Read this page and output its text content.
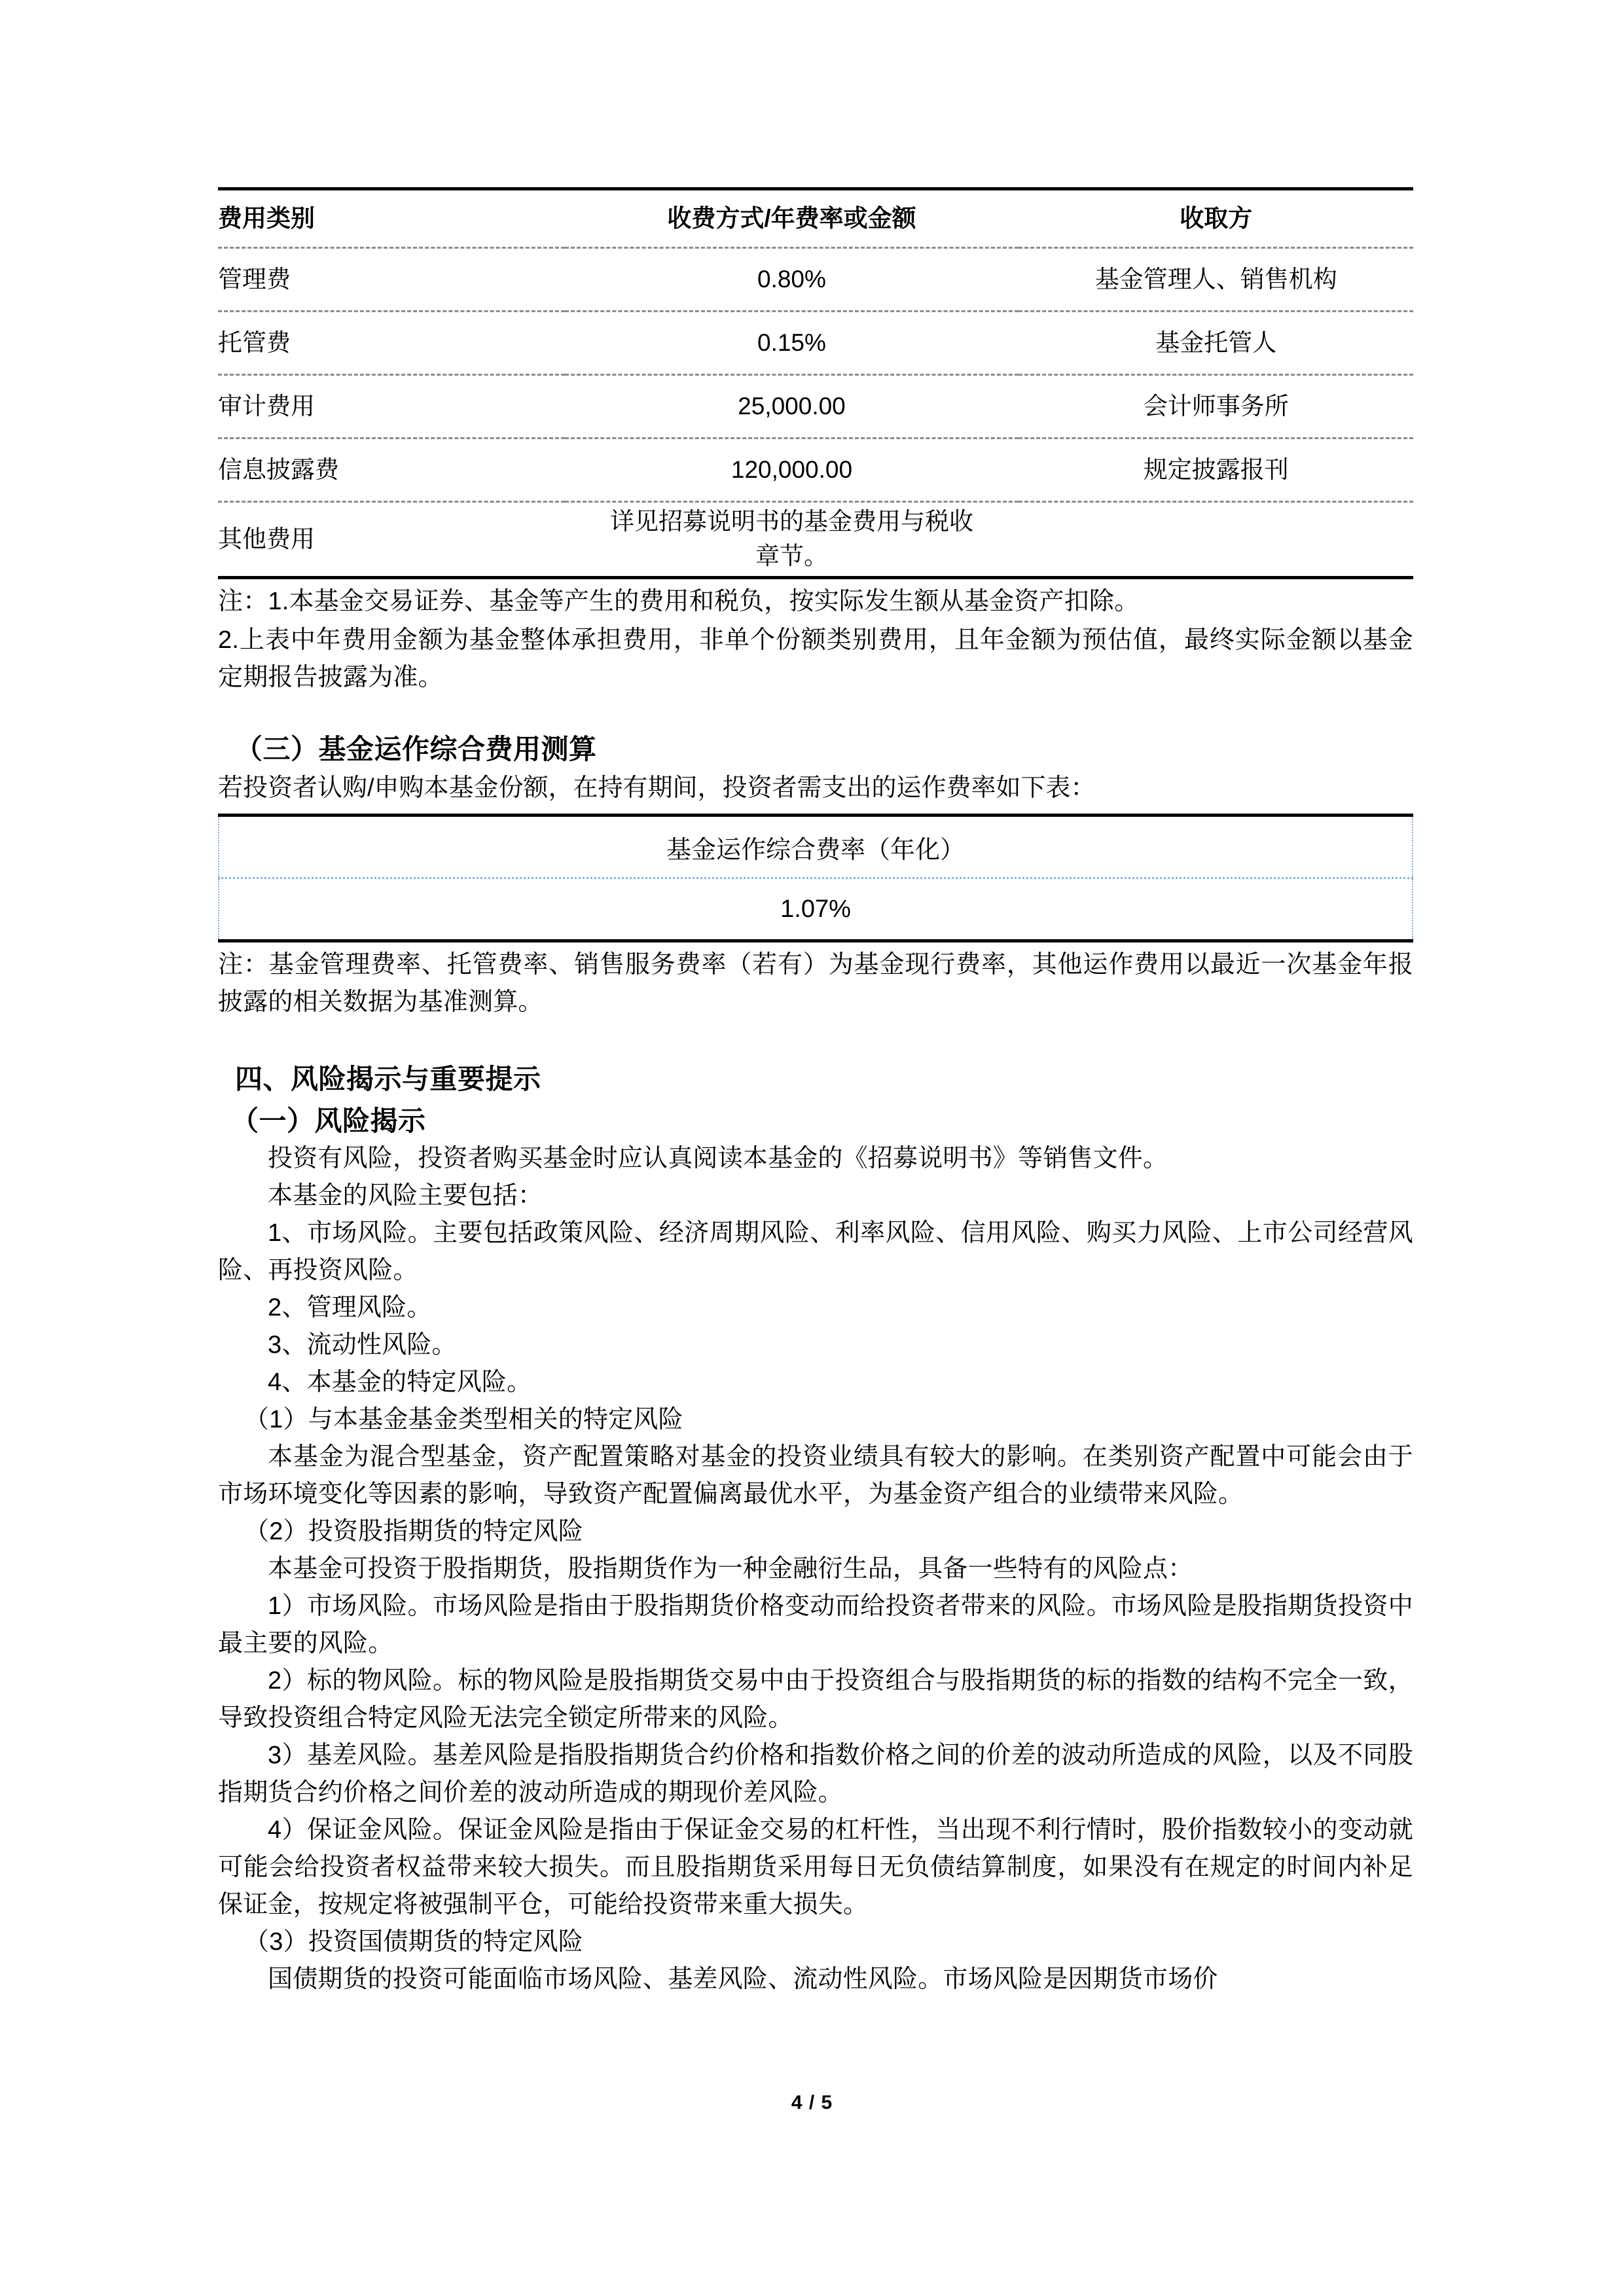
费用类别	收费方式/年费率或金额	收取方
管理费	0.80%	基金管理人、销售机构
托管费	0.15%	基金托管人
审计费用	25,000.00	会计师事务所
信息披露费	120,000.00	规定披露报刊
其他费用	详见招募说明书的基金费用与税收
章节。	

注：1.本基金交易证券、基金等产生的费用和税负，按实际发生额从基金资产扣除。

2.上表中年费用金额为基金整体承担费用，非单个份额类别费用，且年金额为预估值，最终实际金额以基金定期报告披露为准。

（三）基金运作综合费用测算

若投资者认购/申购本基金份额，在持有期间，投资者需支出的运作费率如下表：

基金运作综合费率（年化）
1.07%

注：基金管理费率、托管费率、销售服务费率（若有）为基金现行费率，其他运作费用以最近一次基金年报披露的相关数据为基准测算。

四、风险揭示与重要提示
（一）风险揭示

投资有风险，投资者购买基金时应认真阅读本基金的《招募说明书》等销售文件。

本基金的风险主要包括：

1、市场风险。主要包括政策风险、经济周期风险、利率风险、信用风险、购买力风险、上市公司经营风险、再投资风险。

2、管理风险。

3、流动性风险。

4、本基金的特定风险。

（1）与本基金基金类型相关的特定风险

本基金为混合型基金，资产配置策略对基金的投资业绩具有较大的影响。在类别资产配置中可能会由于市场环境变化等因素的影响，导致资产配置偏离最优水平，为基金资产组合的业绩带来风险。

（2）投资股指期货的特定风险

本基金可投资于股指期货，股指期货作为一种金融衍生品，具备一些特有的风险点：

1）市场风险。市场风险是指由于股指期货价格变动而给投资者带来的风险。市场风险是股指期货投资中最主要的风险。

2）标的物风险。标的物风险是股指期货交易中由于投资组合与股指期货的标的指数的结构不完全一致，导致投资组合特定风险无法完全锁定所带来的风险。

3）基差风险。基差风险是指股指期货合约价格和指数价格之间的价差的波动所造成的风险，以及不同股指期货合约价格之间价差的波动所造成的期现价差风险。

4）保证金风险。保证金风险是指由于保证金交易的杠杆性，当出现不利行情时，股价指数较小的变动就可能会给投资者权益带来较大损失。而且股指期货采用每日无负债结算制度，如果没有在规定的时间内补足保证金，按规定将被强制平仓，可能给投资带来重大损失。

（3）投资国债期货的特定风险

国债期货的投资可能面临市场风险、基差风险、流动性风险。市场风险是因期货市场价

4 / 5
